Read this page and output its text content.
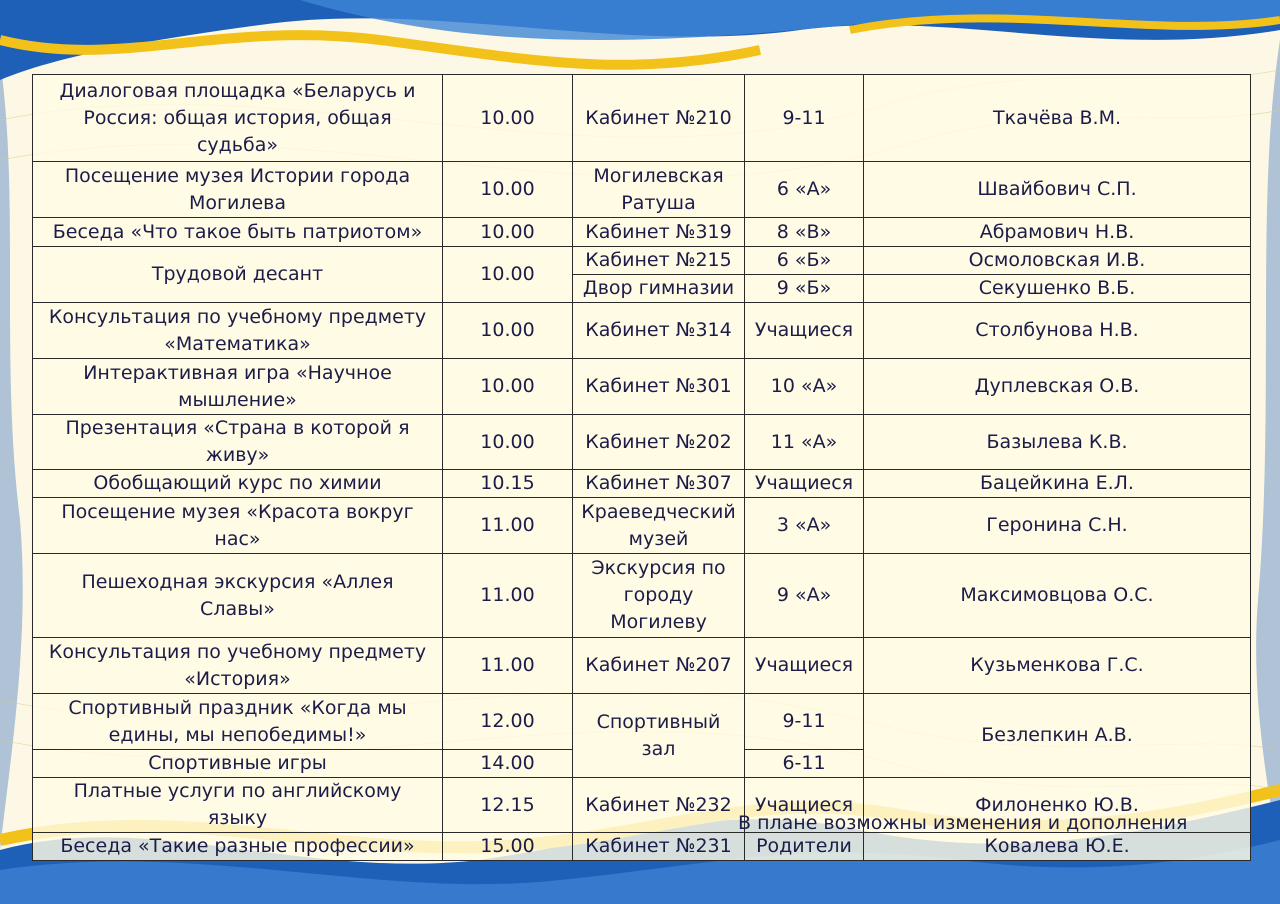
Диалоговая площадка «Беларусь и Россия: общая история, общая судьба»	10.00	Кабинет №210	9-11	Ткачёва В.М.
Посещение музея Истории города Могилева	10.00	Могилевская Ратуша	6 «А»	Швайбович С.П.
Беседа «Что такое быть патриотом»	10.00	Кабинет №319	8 «В»	Абрамович Н.В.
Трудовой десант	10.00	Кабинет №215	6 «Б»	Осмоловская И.В.
		Двор гимназии	9 «Б»	Секушенко В.Б.
Консультация по учебному предмету «Математика»	10.00	Кабинет №314	Учащиеся	Столбунова Н.В.
Интерактивная игра «Научное мышление»	10.00	Кабинет №301	10 «А»	Дуплевская О.В.
Презентация «Страна в которой я живу»	10.00	Кабинет №202	11 «А»	Базылева К.В.
Обобщающий курс по химии	10.15	Кабинет №307	Учащиеся	Бацейкина Е.Л.
Посещение музея «Красота вокруг нас»	11.00	Краеведческий музей	3 «А»	Геронина С.Н.
Пешеходная экскурсия «Аллея Славы»	11.00	Экскурсия по городу Могилеву	9 «А»	Максимовцова О.С.
Консультация по учебному предмету «История»	11.00	Кабинет №207	Учащиеся	Кузьменкова Г.С.
Спортивный праздник «Когда мы едины, мы непобедимы!»	12.00	Спортивный зал	9-11	Безлепкин А.В.
Спортивные игры	14.00		6-11	
Платные услуги по английскому языку	12.15	Кабинет №232	Учащиеся	Филоненко Ю.В.
Беседа «Такие разные профессии»	15.00	Кабинет №231	Родители	Ковалева Ю.Е.
В плане возможны изменения и дополнения
